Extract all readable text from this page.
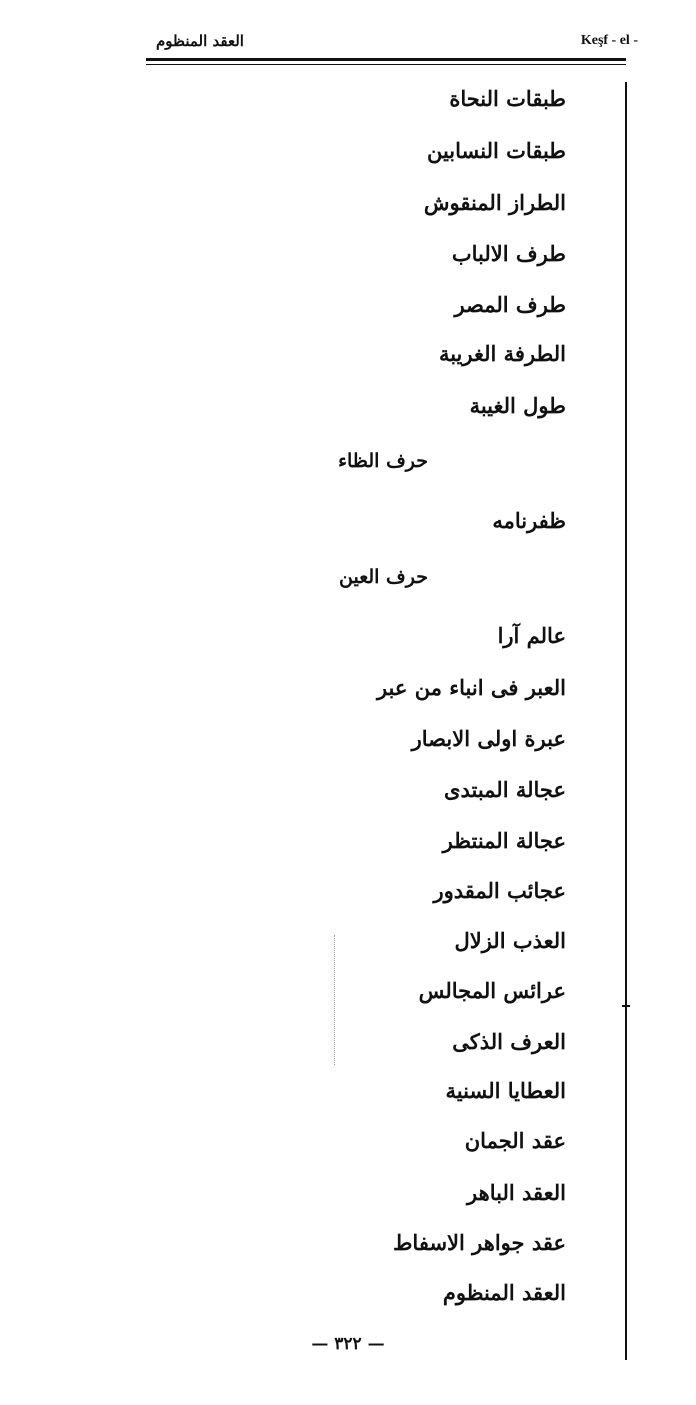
العقد المنظوم	Keşf - el -
طبقات النحاة
طبقات النسابين
الطراز المنقوش
طرف الالباب
طرف المصر
الطرفة الغريبة
طول الغيبة
حرف الظاء
ظفرنامه
حرف العين
عالم آرا
العبر فى انباء من عبر
عبرة اولى الابصار
عجالة المبتدى
عجالة المنتظر
عجائب المقدور
العذب الزلال
عرائس المجالس
العرف الذكى
العطايا السنية
عقد الجمان
العقد الباهر
عقد جواهر الاسفاط
العقد المنظوم
— ٣٢٢ —
